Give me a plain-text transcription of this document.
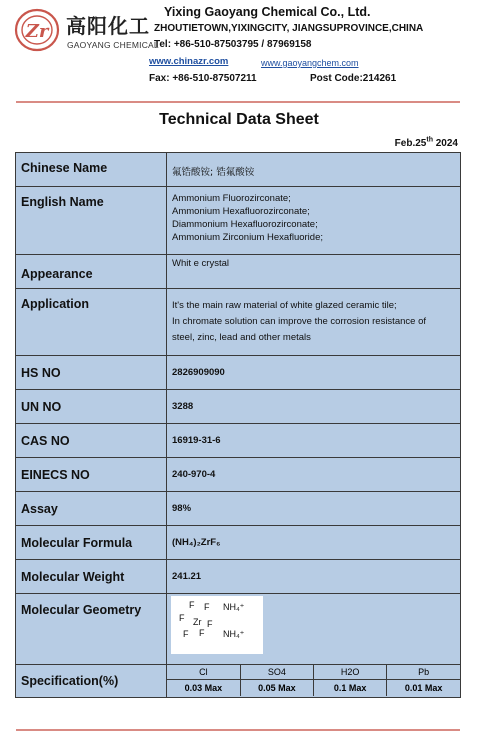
Zr 高阳化工
GAOYANG CHEMICAL
Yixing Gaoyang Chemical Co., Ltd.
ZHOUTIETOWN,YIXINGCITY, JIANGSUPROVINCE,CHINA
Tel: +86-510-87503795 / 87969158
www.chinazr.com	www.gaoyangchem.com
Fax: +86-510-87507211	Post Code:214261
Technical Data Sheet
Feb.25th 2024
Chinese Name	氟锆酸铵; 锆氟酸铵
English Name	Ammonium Fluorozirconate;
Ammonium Hexafluorozirconate;
Diammonium Hexafluorozirconate;
Ammonium Zirconium Hexafluoride;

Appearance	Whit e crystal
Application	It's the main raw material of white glazed ceramic tile;
In chromate solution can improve the corrosion resistance of
steel, zinc, lead and other metals

HS NO	2826909090
UN NO	3288
CAS NO	16919-31-6
EINECS NO	240-970-4
Assay	98%
Molecular Formula	(NH₄)₂ZrF₆
Molecular Weight	241.21
Molecular Geometry	F F
F Zr F
F F
NH₄⁺
NH₄⁺

Specification(%)	
Cl	SO4	H2O	Pb
0.03 Max	0.05 Max	0.1 Max	0.01 Max
